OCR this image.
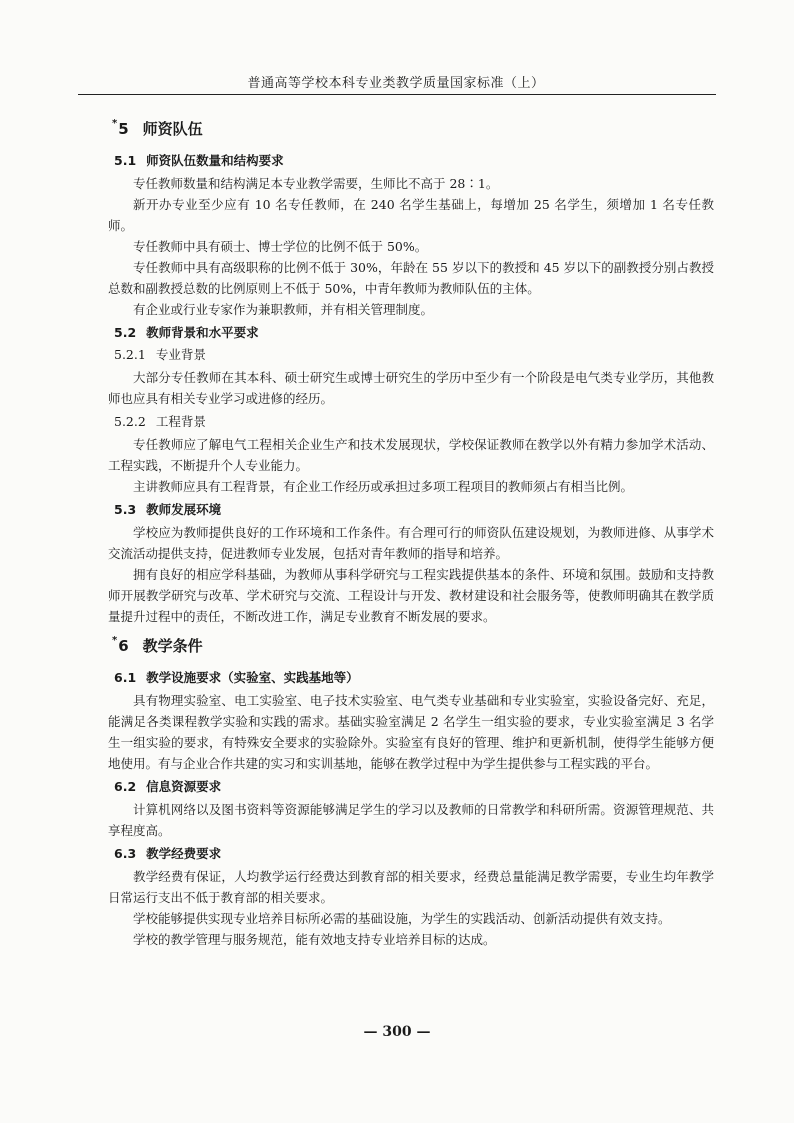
普通高等学校本科专业类教学质量国家标准（上）
*5 师资队伍
5.1 师资队伍数量和结构要求

专任教师数量和结构满足本专业教学需要，生师比不高于 28∶1。

新开办专业至少应有 10 名专任教师，在 240 名学生基础上，每增加 25 名学生，须增加 1 名专任教师。

专任教师中具有硕士、博士学位的比例不低于 50%。

专任教师中具有高级职称的比例不低于 30%，年龄在 55 岁以下的教授和 45 岁以下的副教授分别占教授总数和副教授总数的比例原则上不低于 50%，中青年教师为教师队伍的主体。

有企业或行业专家作为兼职教师，并有相关管理制度。

5.2 教师背景和水平要求
5.2.1 专业背景

大部分专任教师在其本科、硕士研究生或博士研究生的学历中至少有一个阶段是电气类专业学历，其他教师也应具有相关专业学习或进修的经历。

5.2.2 工程背景

专任教师应了解电气工程相关企业生产和技术发展现状，学校保证教师在教学以外有精力参加学术活动、工程实践，不断提升个人专业能力。

主讲教师应具有工程背景，有企业工作经历或承担过多项工程项目的教师须占有相当比例。

5.3 教师发展环境

学校应为教师提供良好的工作环境和工作条件。有合理可行的师资队伍建设规划，为教师进修、从事学术交流活动提供支持，促进教师专业发展，包括对青年教师的指导和培养。

拥有良好的相应学科基础，为教师从事科学研究与工程实践提供基本的条件、环境和氛围。鼓励和支持教师开展教学研究与改革、学术研究与交流、工程设计与开发、教材建设和社会服务等，使教师明确其在教学质量提升过程中的责任，不断改进工作，满足专业教育不断发展的要求。

*6 教学条件
6.1 教学设施要求（实验室、实践基地等）

具有物理实验室、电工实验室、电子技术实验室、电气类专业基础和专业实验室，实验设备完好、充足，能满足各类课程教学实验和实践的需求。基础实验室满足 2 名学生一组实验的要求，专业实验室满足 3 名学生一组实验的要求，有特殊安全要求的实验除外。实验室有良好的管理、维护和更新机制，使得学生能够方便地使用。有与企业合作共建的实习和实训基地，能够在教学过程中为学生提供参与工程实践的平台。

6.2 信息资源要求

计算机网络以及图书资料等资源能够满足学生的学习以及教师的日常教学和科研所需。资源管理规范、共享程度高。

6.3 教学经费要求

教学经费有保证，人均教学运行经费达到教育部的相关要求，经费总量能满足教学需要，专业生均年教学日常运行支出不低于教育部的相关要求。

学校能够提供实现专业培养目标所必需的基础设施，为学生的实践活动、创新活动提供有效支持。

学校的教学管理与服务规范，能有效地支持专业培养目标的达成。

— 300 —
